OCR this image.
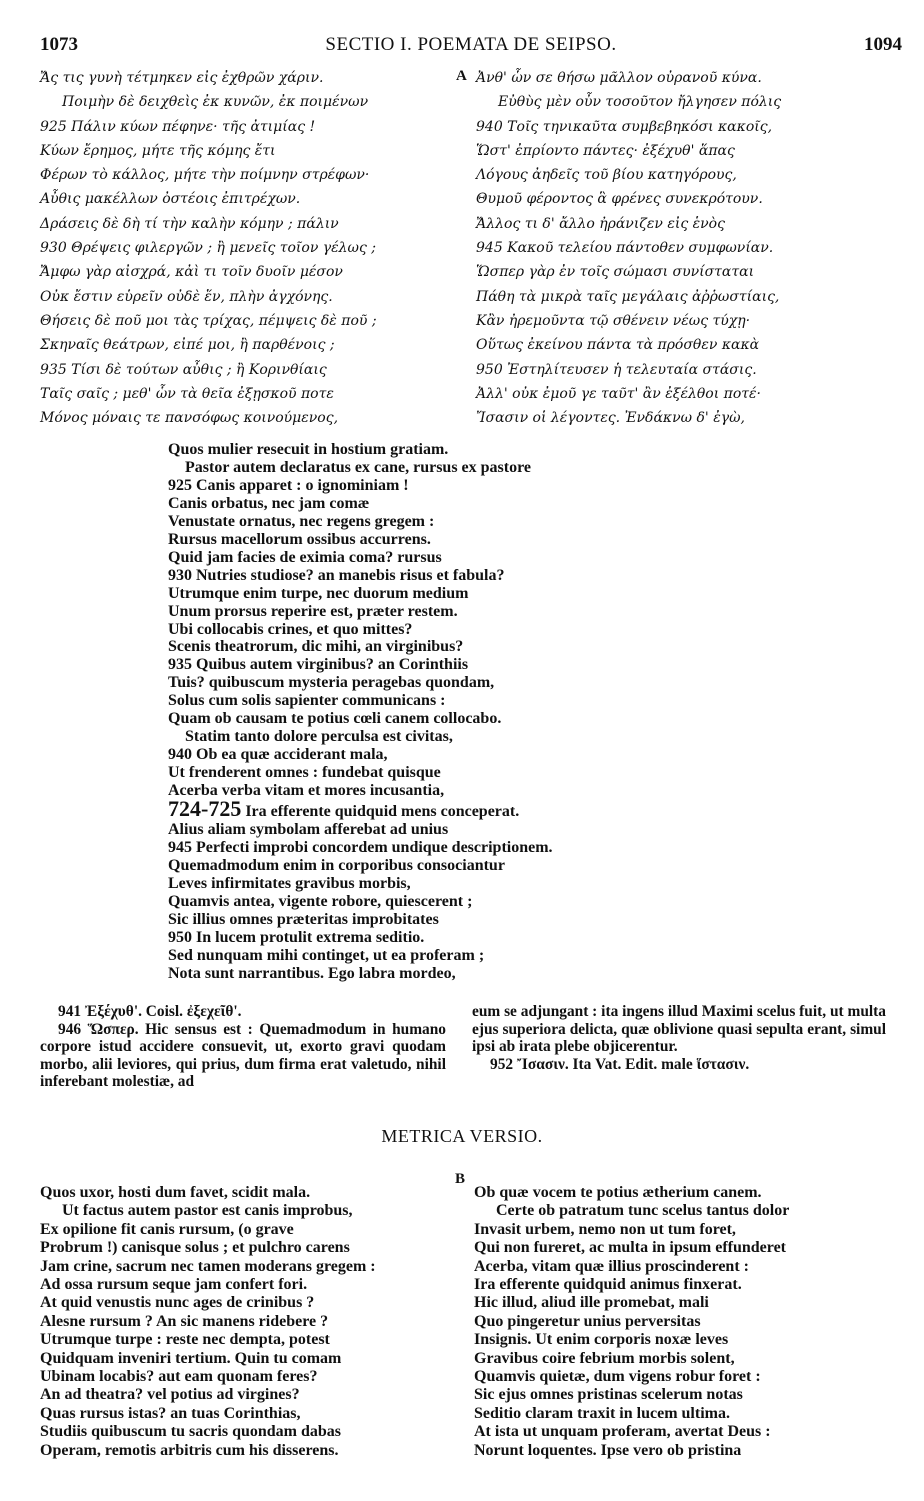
1073	SECTIO I. POEMATA DE SEIPSO.	1094
Ἄς τις γυνὴ τέτμηκεν εἰς ἐχθρῶν χάριν.
Ποιμὴν δὲ δειχθεὶς ἐκ κυνῶν, ἐκ ποιμένων
925 Πάλιν κύων πέφηνε· τῆς ἀτιμίας !
Κύων ἔρημος, μήτε τῆς κόμης ἔτι
Φέρων τὸ κάλλος, μήτε τὴν ποίμνην στρέφων·
Αὖθις μακέλλων ὀστέοις ἐπιτρέχων.
Δράσεις δὲ δὴ τί τὴν καλὴν κόμην ; πάλιν
930 Θρέψεις φιλεργῶν ; ἢ μενεῖς τοῖον γέλως ;
Ἄμφω γὰρ αἰσχρά, κἀὶ τι τοῖν δυοῖν μέσον
Οὐκ ἔστιν εὑρεῖν οὐδὲ ἕν, πλὴν ἀγχόνης.
Θήσεις δὲ ποῦ μοι τὰς τρίχας, πέμψεις δὲ ποῦ ;
Σκηναῖς θεάτρων, εἰπέ μοι, ἢ παρθένοις ;
935 Τίσι δὲ τούτων αὖθις ; ἢ Κορινθίαις
Ταῖς σαῖς ; μεθ' ὧν τὰ θεῖα ἐξῃσκοῦ ποτε
Μόνος μόναις τε πανσόφως κοινούμενος,
A Ἀνθ' ὧν σε θήσω μᾶλλον οὐρανοῦ κύνα.
Εὐθὺς μὲν οὖν τοσοῦτον ἤλγησεν πόλις
940 Τοῖς τηνικαῦτα συμβεβηκόσι κακοῖς,
Ὥστ' ἐπρίοντο πάντες· ἐξέχυθ' ἅπας
Λόγους ἀηδεῖς τοῦ βίου κατηγόρους,
Θυμοῦ φέροντος ἃ φρένες συνεκρότουν.
Ἄλλος τι δ' ἄλλο ἠράνιζεν εἰς ἑνὸς
945 Κακοῦ τελείου πάντοθεν συμφωνίαν.
Ὥσπερ γὰρ ἐν τοῖς σώμασι συνίσταται
Πάθη τὰ μικρὰ ταῖς μεγάλαις ἀῤῥωστίαις,
Κἂν ἠρεμοῦντα τῷ σθένειν νέως τύχῃ·
Οὕτως ἐκείνου πάντα τὰ πρόσθεν κακὰ
950 Ἐστηλίτευσεν ἡ τελευταία στάσις.
Ἀλλ' οὐκ ἐμοῦ γε ταῦτ' ἂν ἐξέλθοι ποτέ·
Ἴσασιν οἱ λέγοντες. Ἐνδάκνω δ' ἐγὼ,
Quos mulier resecuit in hostium gratiam.
Pastor autem declaratus ex cane, rursus ex pastore
925 Canis apparet : o ignominiam !
Canis orbatus, nec jam comæ
Venustate ornatus, nec regens gregem :
Rursus macellorum ossibus accurrens.
Quid jam facies de eximia coma? rursus
930 Nutries studiose? an manebis risus et fabula?
Utrumque enim turpe, nec duorum medium
Unum prorsus reperire est, præter restem.
Ubi collocabis crines, et quo mittes?
Scenis theatrorum, dic mihi, an virginibus?
935 Quibus autem virginibus? an Corinthiis
Tuis? quibuscum mysteria peragebas quondam,
Solus cum solis sapienter communicans :
Quam ob causam te potius cœli canem collocabo.
Statim tanto dolore perculsa est civitas,
940 Ob ea quæ acciderant mala,
Ut frenderent omnes : fundebat quisque
Acerba verba vitam et mores incusantia,
724-725 Ira efferente quidquid mens conceperat.
Alius aliam symbolam afferebat ad unius
945 Perfecti improbi concordem undique descriptionem.
Quemadmodum enim in corporibus consociantur
Leves infirmitates gravibus morbis,
Quamvis antea, vigente robore, quiescerent ;
Sic illius omnes præteritas improbitates
950 In lucem protulit extrema seditio.
Sed nunquam mihi continget, ut ea proferam ;
Nota sunt narrantibus. Ego labra mordeo,

941 Ἐξέχυθ'. Coisl. ἐξεχεῖθ'.

946 Ὥσπερ. Hic sensus est : Quemadmodum in humano corpore istud accidere consuevit, ut, exorto gravi quodam morbo, alii leviores, qui prius, dum firma erat valetudo, nihil inferebant molestiæ, ad

eum se adjungant : ita ingens illud Maximi scelus fuit, ut multa ejus superiora delicta, quæ oblivione quasi sepulta erant, simul ipsi ab irata plebe objicerentur.

952 Ἴσασιν. Ita Vat. Edit. male ἵστασιν.

METRICA VERSIO.
B
Quos uxor, hosti dum favet, scidit mala.
Ut factus autem pastor est canis improbus,
Ex opilione fit canis rursum, (o grave
Probrum !) canisque solus ; et pulchro carens
Jam crine, sacrum nec tamen moderans gregem :
Ad ossa rursum seque jam confert fori.
At quid venustis nunc ages de crinibus ?
Alesne rursum ? An sic manens ridebere ?
Utrumque turpe : reste nec dempta, potest
Quidquam inveniri tertium. Quin tu comam
Ubinam locabis? aut eam quonam feres?
An ad theatra? vel potius ad virgines?
Quas rursus istas? an tuas Corinthias,
Studiis quibuscum tu sacris quondam dabas
Operam, remotis arbitris cum his disserens.
Ob quæ vocem te potius ætherium canem.
Certe ob patratum tunc scelus tantus dolor
Invasit urbem, nemo non ut tum foret,
Qui non fureret, ac multa in ipsum effunderet
Acerba, vitam quæ illius proscinderent :
Ira efferente quidquid animus finxerat.
Hic illud, aliud ille promebat, mali
Quo pingeretur unius perversitas
Insignis. Ut enim corporis noxæ leves
Gravibus coire febrium morbis solent,
Quamvis quietæ, dum vigens robur foret :
Sic ejus omnes pristinas scelerum notas
Seditio claram traxit in lucem ultima.
At ista ut unquam proferam, avertat Deus :
Norunt loquentes. Ipse vero ob pristina
